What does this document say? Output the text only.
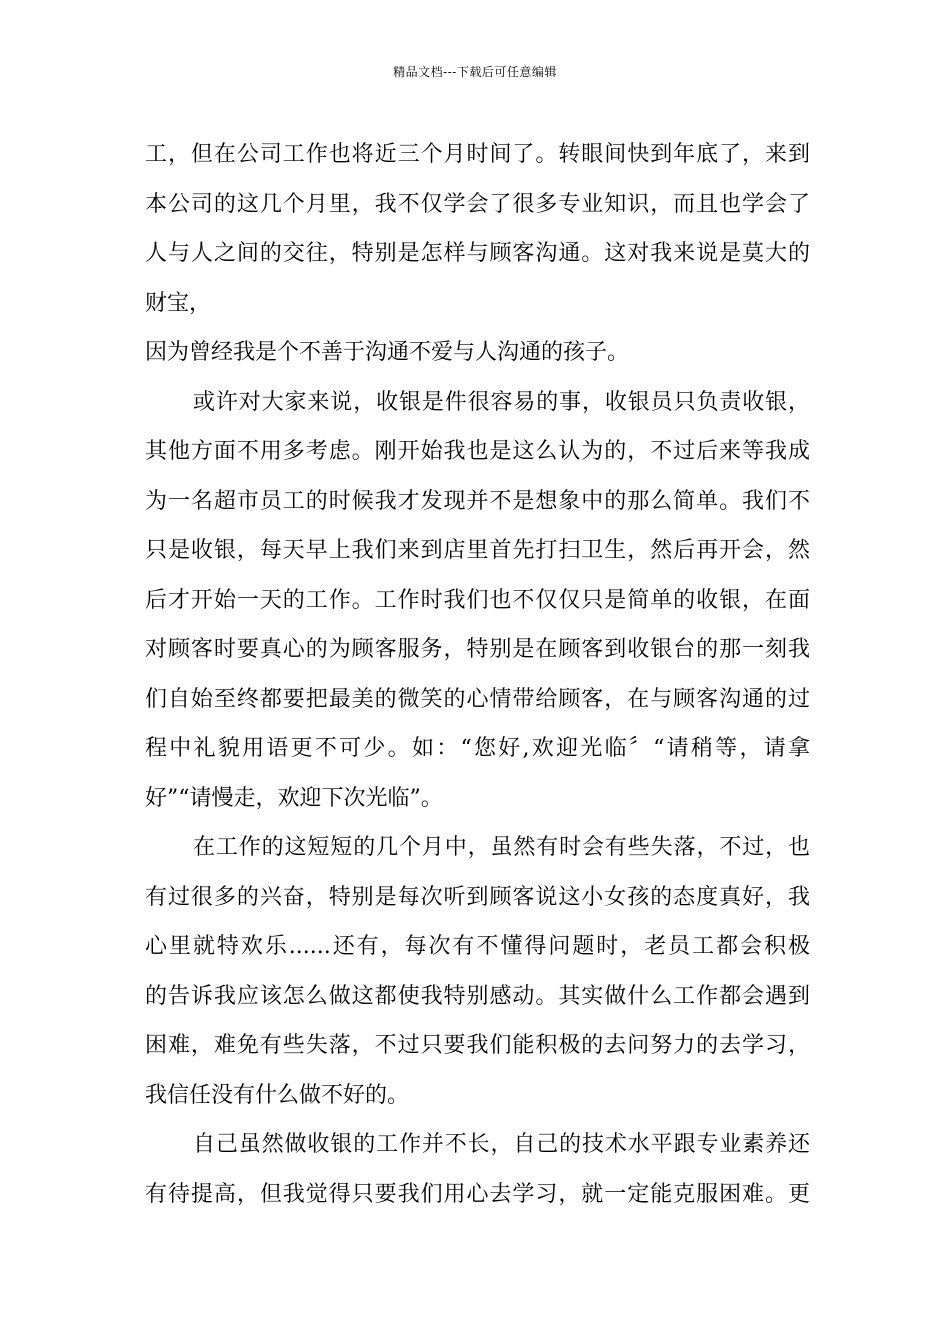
精品文档---下载后可任意编辑
工，但在公司工作也将近三个月时间了。转眼间快到年底了，来到
本公司的这几个月里，我不仅学会了很多专业知识，而且也学会了
人与人之间的交往，特别是怎样与顾客沟通。这对我来说是莫大的
财宝，
因为曾经我是个不善于沟通不爱与人沟通的孩子。
或许对大家来说，收银是件很容易的事，收银员只负责收银，
其他方面不用多考虑。刚开始我也是这么认为的，不过后来等我成
为一名超市员工的时候我才发现并不是想象中的那么简单。我们不
只是收银，每天早上我们来到店里首先打扫卫生，然后再开会，然
后才开始一天的工作。工作时我们也不仅仅只是简单的收银，在面
对顾客时要真心的为顾客服务，特别是在顾客到收银台的那一刻我
们自始至终都要把最美的微笑的心情带给顾客，在与顾客沟通的过
程中礼貌用语更不可少。如：“您好,欢迎光临〞“请稍等，请拿
好”“请慢走，欢迎下次光临”。
在工作的这短短的几个月中，虽然有时会有些失落，不过，也
有过很多的兴奋，特别是每次听到顾客说这小女孩的态度真好，我
心里就特欢乐......还有，每次有不懂得问题时，老员工都会积极
的告诉我应该怎么做这都使我特别感动。其实做什么工作都会遇到
困难，难免有些失落，不过只要我们能积极的去问努力的去学习，
我信任没有什么做不好的。
自己虽然做收银的工作并不长，自己的技术水平跟专业素养还
有待提高，但我觉得只要我们用心去学习，就一定能克服困难。更
